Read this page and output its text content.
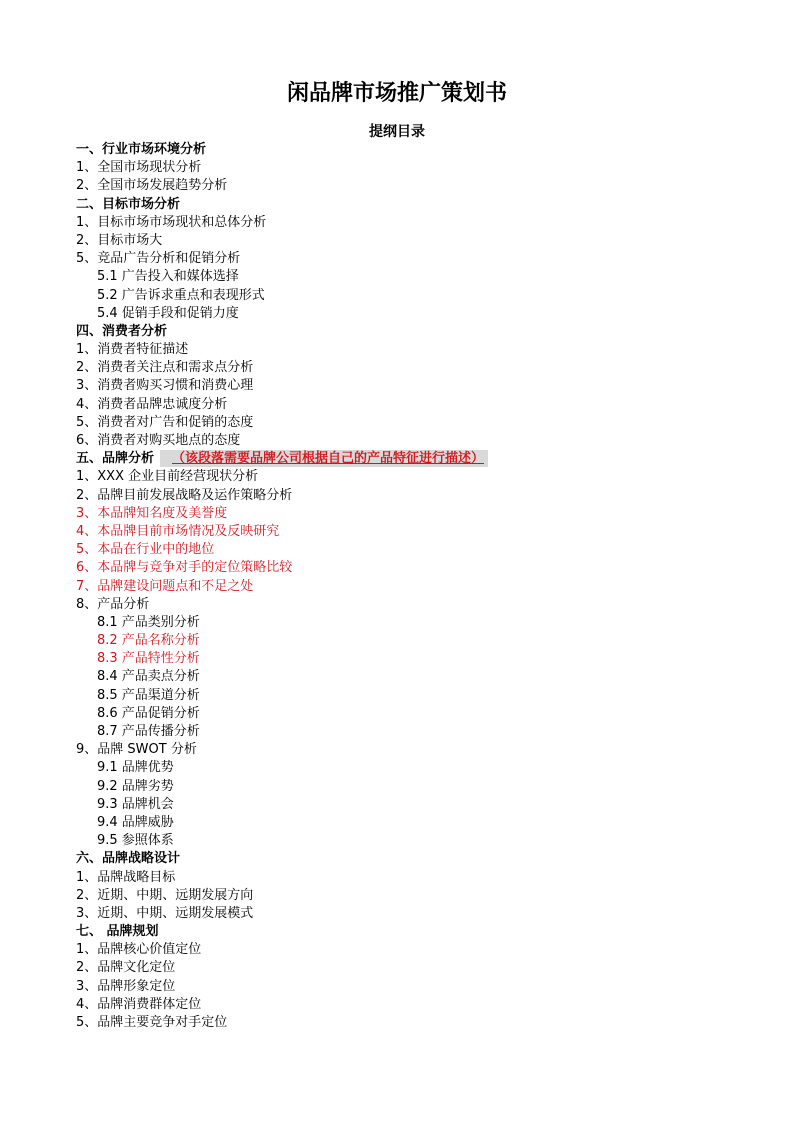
闲品牌市场推广策划书
提纲目录
一、行业市场环境分析
1、全国市场现状分析
2、全国市场发展趋势分析
二、目标市场分析
1、目标市场市场现状和总体分析
2、目标市场大
5、竞品广告分析和促销分析
5.1 广告投入和媒体选择
5.2 广告诉求重点和表现形式
5.4 促销手段和促销力度
四、消费者分析
1、消费者特征描述
2、消费者关注点和需求点分析
3、消费者购买习惯和消费心理
4、消费者品牌忠诚度分析
5、消费者对广告和促销的态度
6、消费者对购买地点的态度
五、品牌分析 （该段落需要品牌公司根据自己的产品特征进行描述）
1、XXX 企业目前经营现状分析
2、品牌目前发展战略及运作策略分析
3、本品牌知名度及美誉度
4、本品牌目前市场情况及反映研究
5、本品在行业中的地位
6、本品牌与竞争对手的定位策略比较
7、品牌建设问题点和不足之处
8、产品分析
8.1 产品类别分析
8.2 产品名称分析
8.3 产品特性分析
8.4 产品卖点分析
8.5 产品渠道分析
8.6 产品促销分析
8.7 产品传播分析
9、品牌 SWOT 分析
9.1 品牌优势
9.2 品牌劣势
9.3 品牌机会
9.4 品牌威胁
9.5 参照体系
六、品牌战略设计
1、品牌战略目标
2、近期、中期、远期发展方向
3、近期、中期、远期发展模式
七、 品牌规划
1、品牌核心价值定位
2、品牌文化定位
3、品牌形象定位
4、品牌消费群体定位
5、品牌主要竞争对手定位
